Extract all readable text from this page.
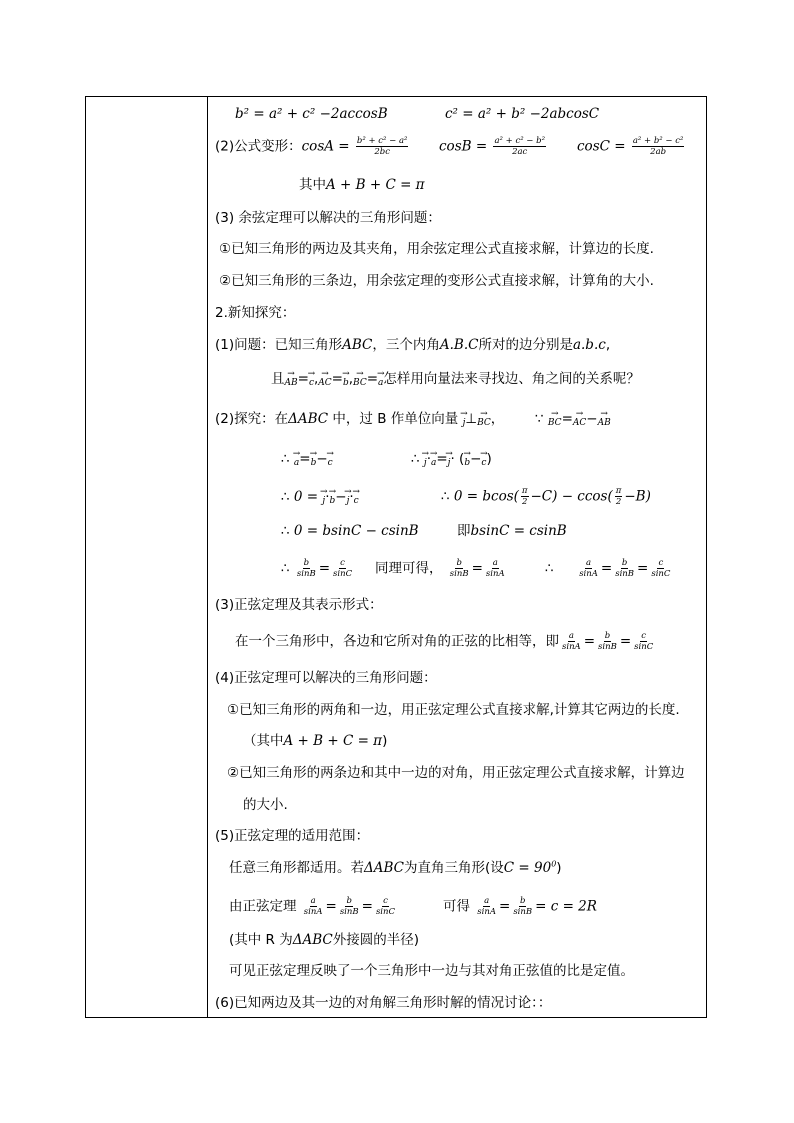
b² = a² + c² −2accosB	c² = a² + b² −2abcosC
(2)公式变形：$\cos A = \frac{\text{b² + c² − a²}}{2bc}$ $\cos B = \frac{\text{a² + c² − b²}}{2ac}$ $\cos C = \frac{\text{a² + b² − c²}}{2ab}$
其中A + B + C = π
(3) 余弦定理可以解决的三角形问题：
①已知三角形的两边及其夹角，用余弦定理公式直接求解，计算边的长度.
②已知三角形的三条边，用余弦定理的变形公式直接求解，计算角的大小.
2.新知探究：
(1)问题：已知三角形ABC，三个内角A.B.C所对的边分别是a.b.c,
且→ AB=→ c,→ AC=→ b,→ BC=→ a怎样用向量法来寻找边、角之间的关系呢？
(2)探究：在ΔABC 中，过 B 作单位向量 → j⊥→ BC， ∵ → BC=→ AC−→ AB
∴ → a=→ b−→ c	∴ → j·→ a=→ j· (→ b−→ c)
∴ 0 = → j·→ b−→ j·→ c	∴ $0 = bcos( \frac{\pi}{2} -C) - ccos( \frac{\pi}{2} -B)$
∴ 0 = bsinC − csinB	即bsinC = csinB
∴ $\frac{b}{\sin B} = \frac{c}{\sin C}$ 同理可得， $\frac{b}{\sin B} = \frac{a}{\sin A}$	∴	$\frac{a}{\sin A} = \frac{b}{\sin B} = \frac{c}{\sin C}$
(3)正弦定理及其表示形式：
在一个三角形中，各边和它所对角的正弦的比相等，即 $\frac{a}{\sin A} = \frac{b}{\sin B} = \frac{c}{\sin C}$
(4)正弦定理可以解决的三角形问题：
①已知三角形的两角和一边，用正弦定理公式直接求解,计算其它两边的长度.
（其中A + B + C = π)
②已知三角形的两条边和其中一边的对角，用正弦定理公式直接求解，计算边
的大小.
(5)正弦定理的适用范围：
任意三角形都适用。若ΔABC为直角三角形(设$C = 90^0$)
由正弦定理 $\frac{a}{\sin A} = \frac{b}{\sin B} = \frac{c}{\sin C}$	可得 $\frac{a}{\sin A} = \frac{b}{\sin B} = c = 2R$
(其中 R 为ΔABC外接圆的半径)
可见正弦定理反映了一个三角形中一边与其对角正弦值的比是定值。
(6)已知两边及其一边的对角解三角形时解的情况讨论：：
